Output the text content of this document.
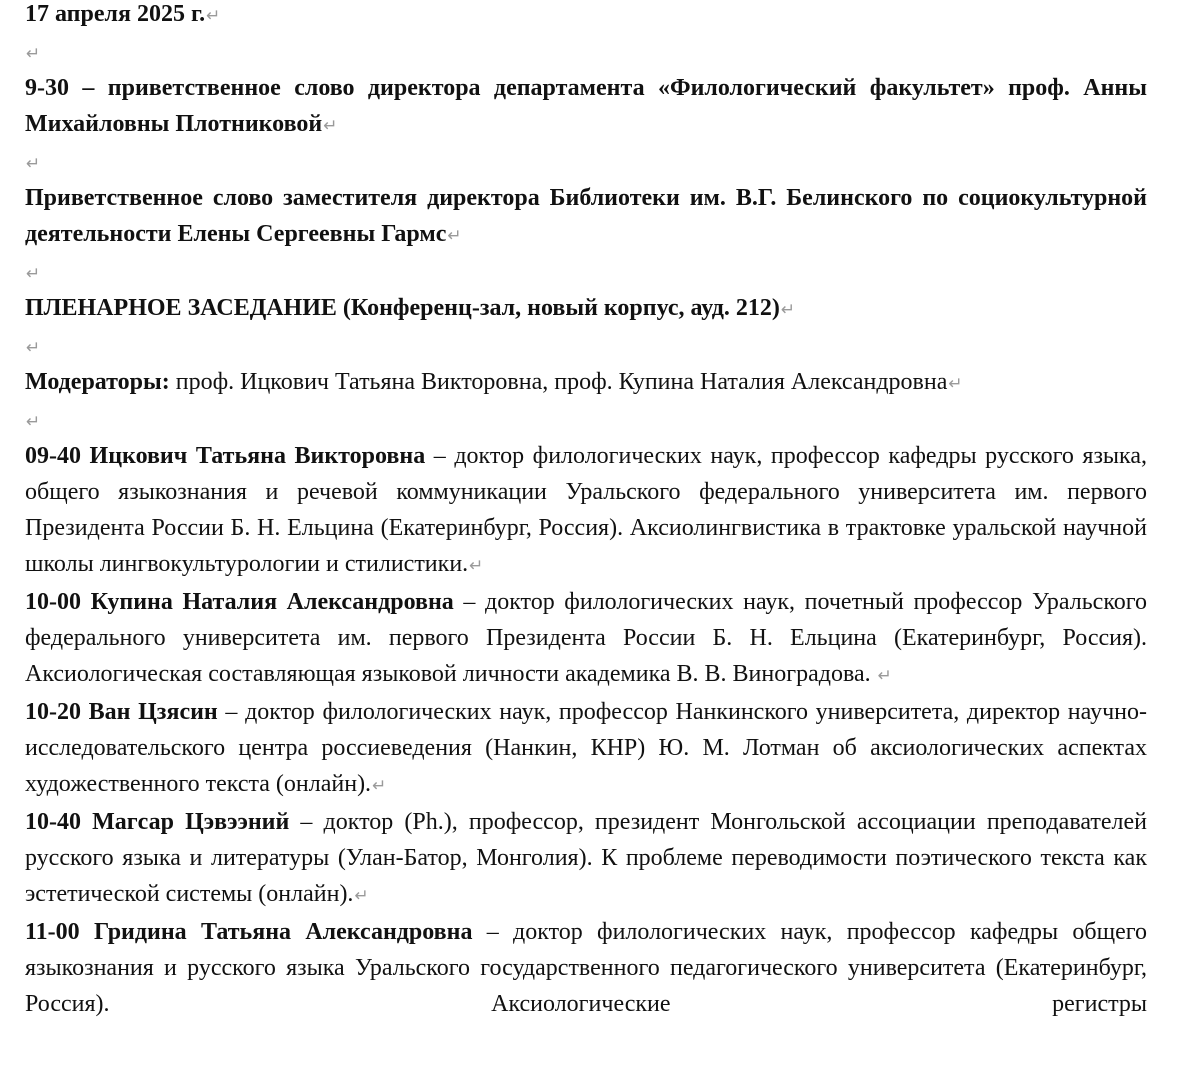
17 апреля 2025 г.↵

↵

9-30 – приветственное слово директора департамента «Филологический факультет» проф. Анны Михайловны Плотниковой↵

↵

Приветственное слово заместителя директора Библиотеки им. В.Г. Белинского по социокультурной деятельности Елены Сергеевны Гармс↵

↵

ПЛЕНАРНОЕ ЗАСЕДАНИЕ (Конференц-зал, новый корпус, ауд. 212)↵

↵

Модераторы: проф. Ицкович Татьяна Викторовна, проф. Купина Наталия Александровна↵

↵

09-40 Ицкович Татьяна Викторовна – доктор филологических наук, профессор кафедры русского языка, общего языкознания и речевой коммуникации Уральского федерального университета им. первого Президента России Б. Н. Ельцина (Екатеринбург, Россия). Аксиолингвистика в трактовке уральской научной школы лингвокультурологии и стилистики.↵

10-00 Купина Наталия Александровна – доктор филологических наук, почетный профессор Уральского федерального университета им. первого Президента России Б. Н. Ельцина (Екатеринбург, Россия). Аксиологическая составляющая языковой личности академика В. В. Виноградова. ↵

10-20 Ван Цзясин – доктор филологических наук, профессор Нанкинского университета, директор научно-исследовательского центра россиеведения (Нанкин, КНР) Ю. М. Лотман об аксиологических аспектах художественного текста (онлайн).↵

10-40 Магсар Цэвээний – доктор (Ph.), профессор, президент Монгольской ассоциации преподавателей русского языка и литературы (Улан-Батор, Монголия). К проблеме переводимости поэтического текста как эстетической системы (онлайн).↵

11-00 Гридина Татьяна Александровна – доктор филологических наук, профессор кафедры общего языкознания и русского языка Уральского государственного педагогического университета (Екатеринбург, Россия). Аксиологические регистры
